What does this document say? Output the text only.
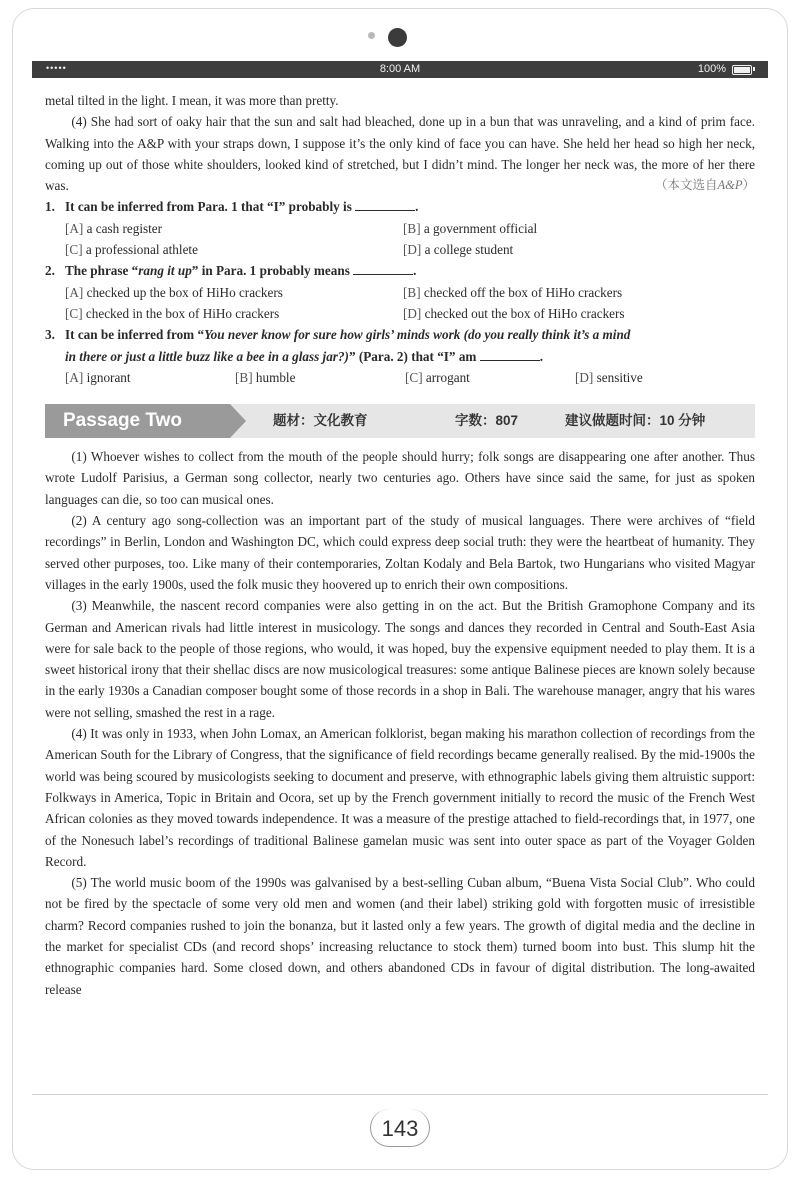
•••••	8:00 AM	100%

metal tilted in the light. I mean, it was more than pretty.

(4) She had sort of oaky hair that the sun and salt had bleached, done up in a bun that was unraveling, and a kind of prim face. Walking into the A&P with your straps down, I suppose it’s the only kind of face you can have. She held her head so high her neck, coming up out of those white shoulders, looked kind of stretched, but I didn’t mind. The longer her neck was, the more of her there was.	（本文选自A&P）

1. It can be inferred from Para. 1 that “I” probably is	.
[A] a cash register	[B] a government official
[C] a professional athlete	[D] a college student
2. The phrase “rang it up” in Para. 1 probably means	.
[A] checked up the box of HiHo crackers	[B] checked off the box of HiHo crackers
[C] checked in the box of HiHo crackers	[D] checked out the box of HiHo crackers
3. It can be inferred from “You never know for sure how girls’ minds work (do you really think it’s a mind
in there or just a little buzz like a bee in a glass jar?)” (Para. 2) that “I” am	.
[A] ignorant	[B] humble	[C] arrogant	[D] sensitive
Passage Two	题材：文化教育	字数：807	建议做题时间：10 分钟

(1) Whoever wishes to collect from the mouth of the people should hurry; folk songs are disappearing one after another. Thus wrote Ludolf Parisius, a German song collector, nearly two centuries ago. Others have since said the same, for just as spoken languages can die, so too can musical ones.

(2) A century ago song-collection was an important part of the study of musical languages. There were archives of “field recordings” in Berlin, London and Washington DC, which could express deep social truth: they were the heartbeat of humanity. They served other purposes, too. Like many of their contemporaries, Zoltan Kodaly and Bela Bartok, two Hungarians who visited Magyar villages in the early 1900s, used the folk music they hoovered up to enrich their own compositions.

(3) Meanwhile, the nascent record companies were also getting in on the act. But the British Gramophone Company and its German and American rivals had little interest in musicology. The songs and dances they recorded in Central and South-East Asia were for sale back to the people of those regions, who would, it was hoped, buy the expensive equipment needed to play them. It is a sweet historical irony that their shellac discs are now musicological treasures: some antique Balinese pieces are known solely because in the early 1930s a Canadian composer bought some of those records in a shop in Bali. The warehouse manager, angry that his wares were not selling, smashed the rest in a rage.

(4) It was only in 1933, when John Lomax, an American folklorist, began making his marathon collection of recordings from the American South for the Library of Congress, that the significance of field recordings became generally realised. By the mid-1900s the world was being scoured by musicologists seeking to document and preserve, with ethnographic labels giving them altruistic support: Folkways in America, Topic in Britain and Ocora, set up by the French government initially to record the music of the French West African colonies as they moved towards independence. It was a measure of the prestige attached to field-recordings that, in 1977, one of the Nonesuch label’s recordings of traditional Balinese gamelan music was sent into outer space as part of the Voyager Golden Record.

(5) The world music boom of the 1990s was galvanised by a best-selling Cuban album, “Buena Vista Social Club”. Who could not be fired by the spectacle of some very old men and women (and their label) striking gold with forgotten music of irresistible charm? Record companies rushed to join the bonanza, but it lasted only a few years. The growth of digital media and the decline in the market for specialist CDs (and record shops’ increasing reluctance to stock them) turned boom into bust. This slump hit the ethnographic companies hard. Some closed down, and others abandoned CDs in favour of digital distribution. The long-awaited release

143
